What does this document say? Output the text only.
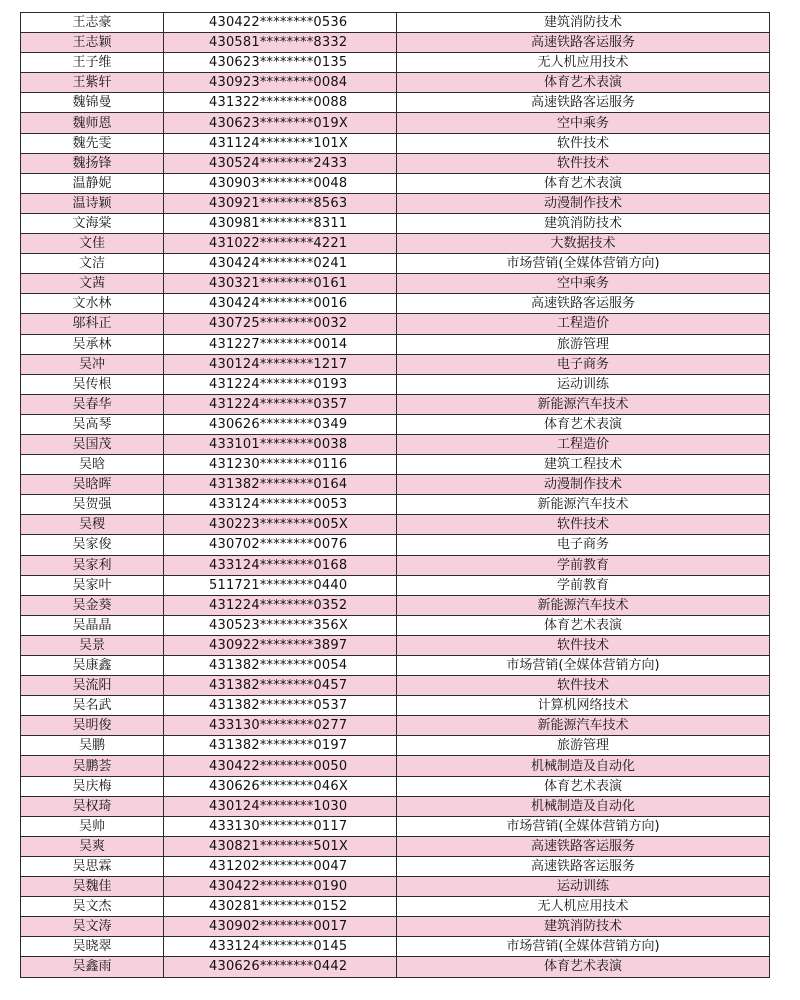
王志豪	430422********0536	建筑消防技术
王志颖	430581********8332	高速铁路客运服务
王子维	430623********0135	无人机应用技术
王紫轩	430923********0084	体育艺术表演
魏锦曼	431322********0088	高速铁路客运服务
魏师恩	430623********019X	空中乘务
魏先雯	431124********101X	软件技术
魏扬锋	430524********2433	软件技术
温静妮	430903********0048	体育艺术表演
温诗颖	430921********8563	动漫制作技术
文海棠	430981********8311	建筑消防技术
文佳	431022********4221	大数据技术
文洁	430424********0241	市场营销(全媒体营销方向)
文茜	430321********0161	空中乘务
文水林	430424********0016	高速铁路客运服务
邬科正	430725********0032	工程造价
吴承林	431227********0014	旅游管理
吴冲	430124********1217	电子商务
吴传根	431224********0193	运动训练
吴春华	431224********0357	新能源汽车技术
吴高琴	430626********0349	体育艺术表演
吴国茂	433101********0038	工程造价
吴晗	431230********0116	建筑工程技术
吴晗晖	431382********0164	动漫制作技术
吴贺强	433124********0053	新能源汽车技术
吴稷	430223********005X	软件技术
吴家俊	430702********0076	电子商务
吴家利	433124********0168	学前教育
吴家叶	511721********0440	学前教育
吴金葵	431224********0352	新能源汽车技术
吴晶晶	430523********356X	体育艺术表演
吴景	430922********3897	软件技术
吴康鑫	431382********0054	市场营销(全媒体营销方向)
吴流阳	431382********0457	软件技术
吴名武	431382********0537	计算机网络技术
吴明俊	433130********0277	新能源汽车技术
吴鹏	431382********0197	旅游管理
吴鹏荟	430422********0050	机械制造及自动化
吴庆梅	430626********046X	体育艺术表演
吴权琦	430124********1030	机械制造及自动化
吴帅	433130********0117	市场营销(全媒体营销方向)
吴爽	430821********501X	高速铁路客运服务
吴思霖	431202********0047	高速铁路客运服务
吴魏佳	430422********0190	运动训练
吴文杰	430281********0152	无人机应用技术
吴文涛	430902********0017	建筑消防技术
吴晓翠	433124********0145	市场营销(全媒体营销方向)
吴鑫雨	430626********0442	体育艺术表演
